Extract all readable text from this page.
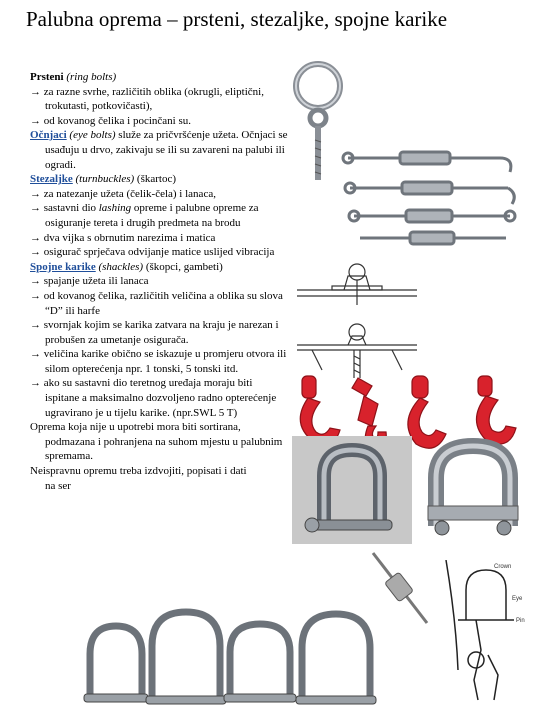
Palubna oprema – prsteni, stezaljke, spojne karike

Prsteni (ring bolts)

→ za razne svrhe, različitih oblika (okrugli, eliptični, trokutasti, potkovičasti),

→ od kovanog čelika i pocinčani su.

Očnjaci (eye bolts) služe za pričvršćenje užeta. Očnjaci se usađuju u drvo, zakivaju se ili su zavareni na palubi ili ogradi.

Stezaljke (turnbuckles) (škartoc)

→ za natezanje užeta (čelik-čela) i lanaca,

→ sastavni dio lashing opreme i palubne opreme za osiguranje tereta i drugih predmeta na brodu

→ dva vijka s obrnutim narezima i matica

→ osigurač sprječava odvijanje matice uslijed vibracija

Spojne karike (shackles) (škopci, gambeti)

→ spajanje užeta ili lanaca

→ od kovanog čelika, različitih veličina a oblika su slova “D” ili harfe

→ svornjak kojim se karika zatvara na kraju je narezan i probušen za umetanje osigurača.

→ veličina karike obično se iskazuje u promjeru otvora ili silom opterećenja npr. 1 tonski, 5 tonski itd.

→ ako su sastavni dio teretnog uređaja moraju biti ispitane a maksimalno dozvoljeno radno opterećenje ugravirano je u tijelu karike. (npr.SWL 5 T)

Oprema koja nije u upotrebi mora biti sortirana, podmazana i pohranjena na suhom mjestu u palubnim spremama.

Neispravnu opremu treba izdvojiti, popisati i dati
na ser

Crown
Pin
Eye
